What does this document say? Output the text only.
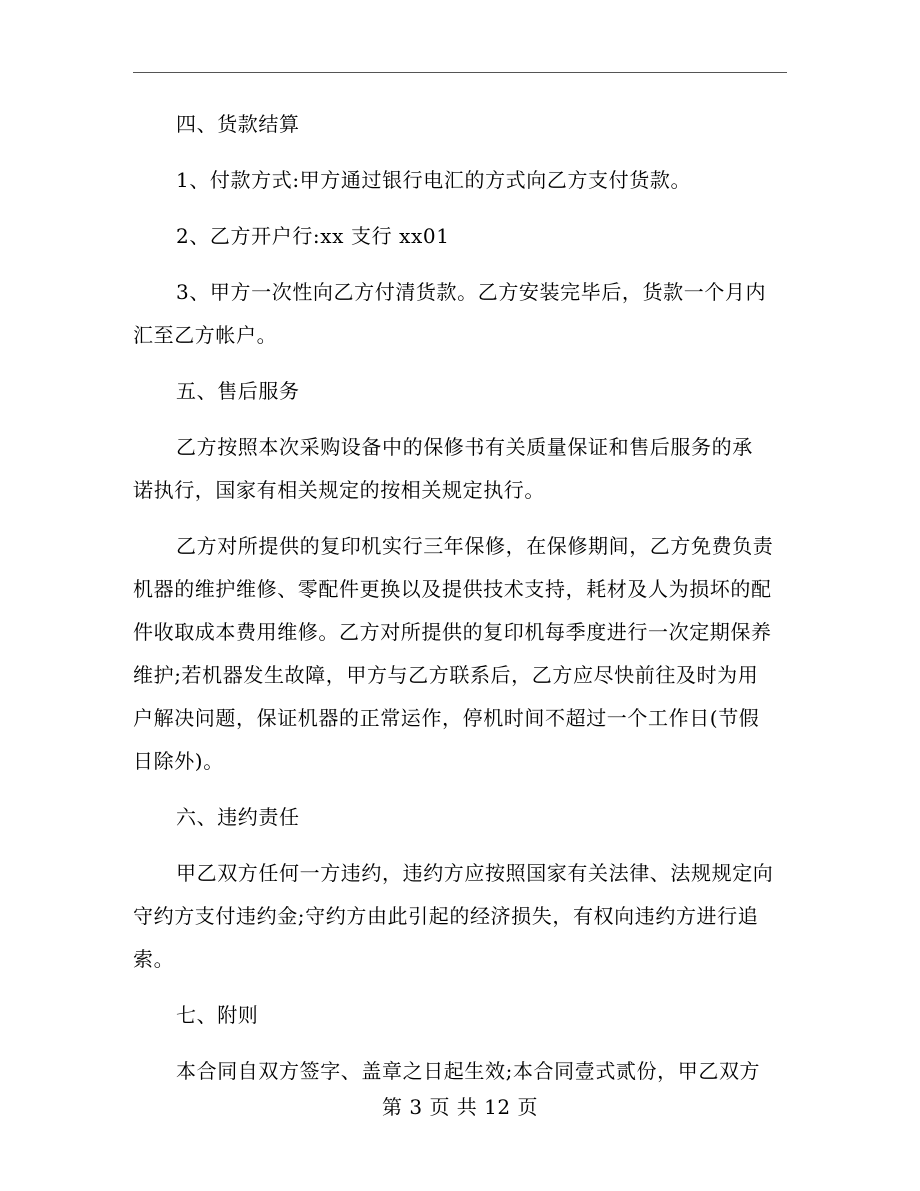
四、货款结算

1、付款方式:甲方通过银行电汇的方式向乙方支付货款。

2、乙方开户行:xx 支行 xx01

3、甲方一次性向乙方付清货款。乙方安装完毕后，货款一个月内
汇至乙方帐户。

五、售后服务

乙方按照本次采购设备中的保修书有关质量保证和售后服务的承
诺执行，国家有相关规定的按相关规定执行。

乙方对所提供的复印机实行三年保修，在保修期间，乙方免费负责
机器的维护维修、零配件更换以及提供技术支持，耗材及人为损坏的配
件收取成本费用维修。乙方对所提供的复印机每季度进行一次定期保养
维护;若机器发生故障，甲方与乙方联系后，乙方应尽快前往及时为用
户解决问题，保证机器的正常运作，停机时间不超过一个工作日(节假
日除外)。

六、违约责任

甲乙双方任何一方违约，违约方应按照国家有关法律、法规规定向
守约方支付违约金;守约方由此引起的经济损失，有权向违约方进行追
索。

七、附则

本合同自双方签字、盖章之日起生效;本合同壹式贰份，甲乙双方

第 3 页 共 12 页
